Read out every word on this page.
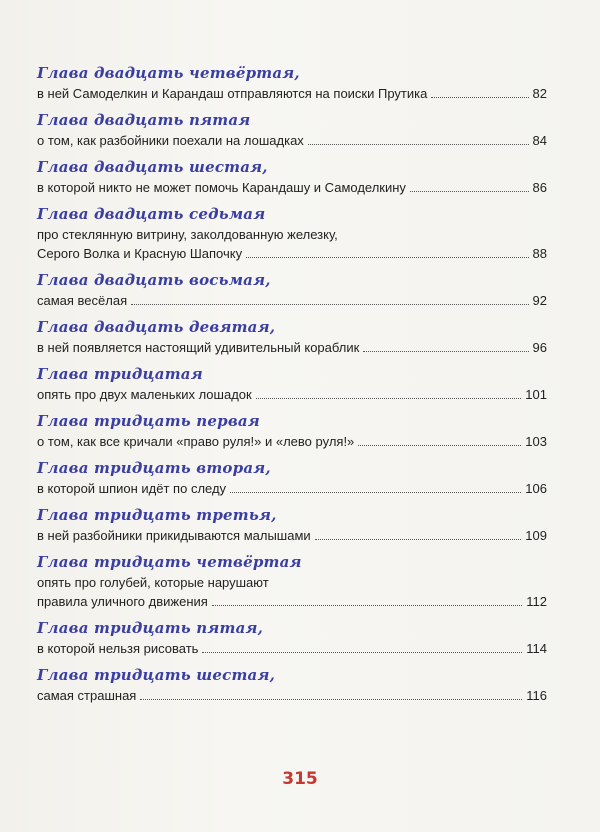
Глава двадцать четвёртая,
в ней Самоделкин и Карандаш отправляются на поиски Прутика	82
Глава двадцать пятая
о том, как разбойники поехали на лошадках	84
Глава двадцать шестая,
в которой никто не может помочь Карандашу и Самоделкину	86
Глава двадцать седьмая
про стеклянную витрину, заколдованную железку,
Серого Волка и Красную Шапочку	88
Глава двадцать восьмая,
самая весёлая	92
Глава двадцать девятая,
в ней появляется настоящий удивительный кораблик	96
Глава тридцатая
опять про двух маленьких лошадок	101
Глава тридцать первая
о том, как все кричали «право руля!» и «лево руля!»	103
Глава тридцать вторая,
в которой шпион идёт по следу	106
Глава тридцать третья,
в ней разбойники прикидываются малышами	109
Глава тридцать четвёртая
опять про голубей, которые нарушают
правила уличного движения	112
Глава тридцать пятая,
в которой нельзя рисовать	114
Глава тридцать шестая,
самая страшная	116
315
